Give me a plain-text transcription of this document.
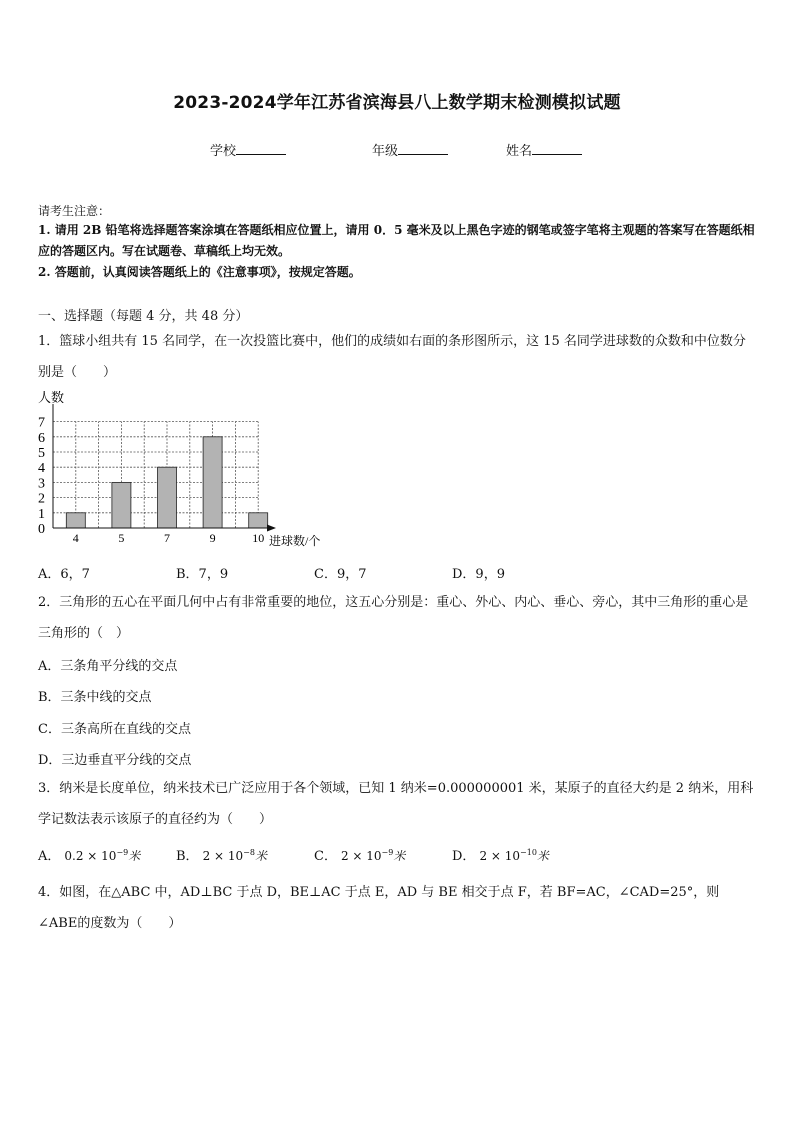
2023-2024学年江苏省滨海县八上数学期末检测模拟试题
学校	年级	姓名
请考生注意：
1. 请用 2B 铅笔将选择题答案涂填在答题纸相应位置上，请用 0．5 毫米及以上黑色字迹的钢笔或签字笔将主观题的答案写在答题纸相应的答题区内。写在试题卷、草稿纸上均无效。
2. 答题前，认真阅读答题纸上的《注意事项》，按规定答题。
一、选择题（每题 4 分，共 48 分）
1．篮球小组共有 15 名同学，在一次投篮比赛中，他们的成绩如右面的条形图所示，这 15 名同学进球数的众数和中位数分别是（　　）
0
1
2
3
4
5
6
7
4	5	7	9	10
人数
进球数/个
A．6，7	B．7，9	C．9，7	D．9，9
2．三角形的五心在平面几何中占有非常重要的地位，这五心分别是：重心、外心、内心、垂心、旁心，其中三角形的重心是三角形的（　）
A．三条角平分线的交点
B．三条中线的交点
C．三条高所在直线的交点
D．三边垂直平分线的交点
3．纳米是长度单位，纳米技术已广泛应用于各个领域，已知 1 纳米=0.000000001 米，某原子的直径大约是 2 纳米，用科学记数法表示该原子的直径约为（　　）
A． $0.2 \times 10^{-9}$米	B． $2 \times 10^{-8}$米	C． $2 \times 10^{-9}$米	D． $2 \times 10^{-10}$米
4．如图，在△ABC 中，AD⊥BC 于点 D，BE⊥AC 于点 E，AD 与 BE 相交于点 F，若 BF=AC，∠CAD=25°，则∠ABE的度数为（　　）
